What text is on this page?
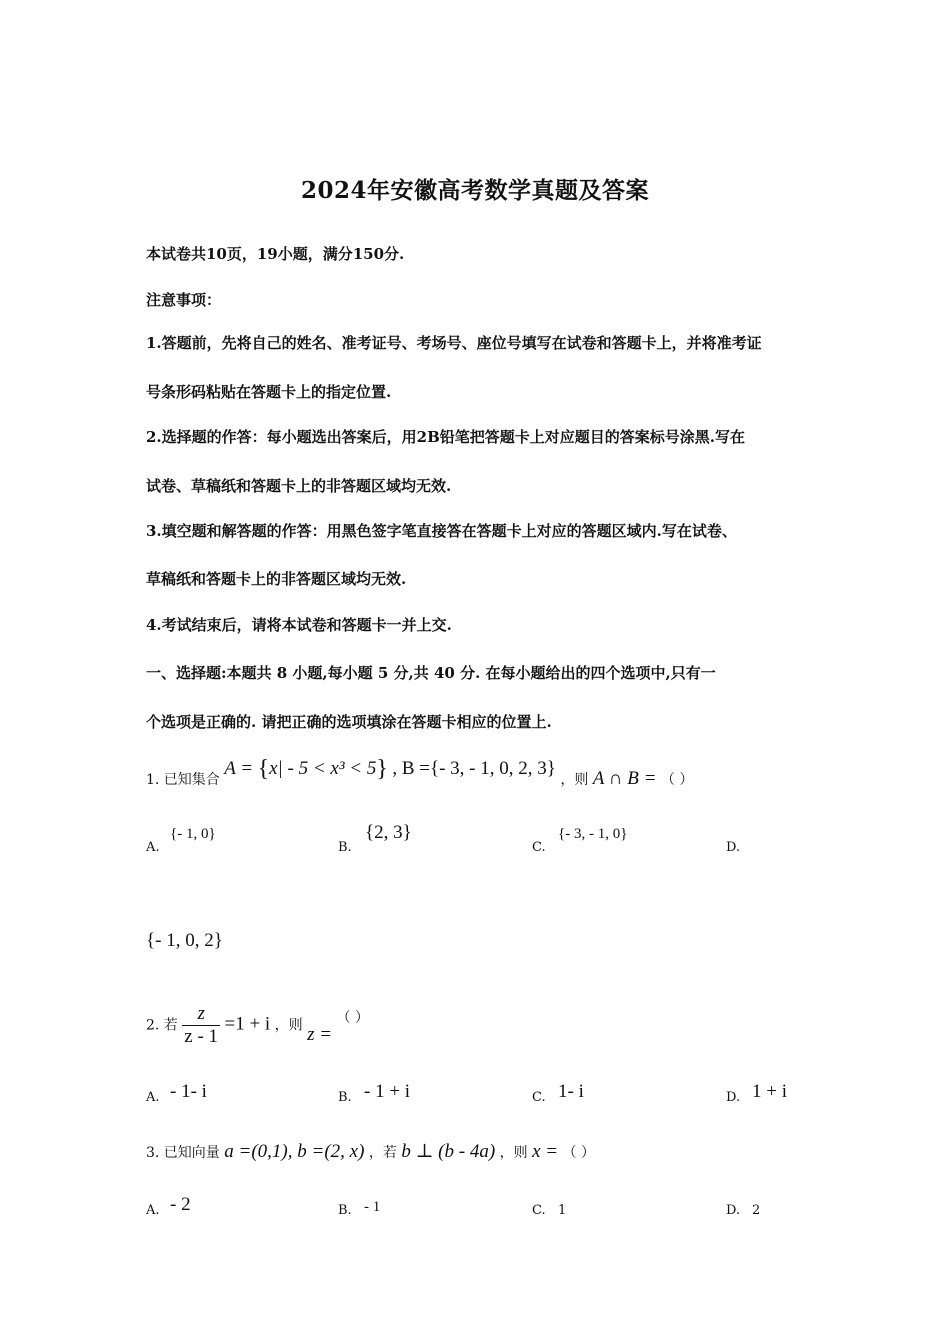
2024年安徽高考数学真题及答案
本试卷共10页，19小题，满分150分.
注意事项：
1.答题前，先将自己的姓名、准考证号、考场号、座位号填写在试卷和答题卡上，并将准考证
号条形码粘贴在答题卡上的指定位置.
2.选择题的作答：每小题选出答案后，用2B铅笔把答题卡上对应题目的答案标号涂黑.写在
试卷、草稿纸和答题卡上的非答题区域均无效.
3.填空题和解答题的作答：用黑色签字笔直接答在答题卡上对应的答题区域内.写在试卷、
草稿纸和答题卡上的非答题区域均无效.
4.考试结束后，请将本试卷和答题卡一并上交.
一、选择题:本题共 8 小题,每小题 5 分,共 40 分. 在每小题给出的四个选项中,只有一
个选项是正确的. 请把正确的选项填涂在答题卡相应的位置上.
1. 已知集合 A = {x| - 5 < x³ < 5} , B ={- 3, - 1, 0, 2, 3} ，则 A ∩ B = （ ）
A.
{- 1, 0}
B.
{2, 3}
C.
{- 3, - 1, 0}
D.
{- 1, 0, 2}
2. 若 $\frac{z}{z - 1} =1 + i$ ，则 z = （ ）
A. - 1- i	B. - 1 + i	C. 1- i	D. 1 + i
3. 已知向量 a =(0,1), b =(2, x) ，若 b ⊥ (b - 4a) ，则 x = （ ）
A. - 2	B. - 1	C. 1	D. 2
